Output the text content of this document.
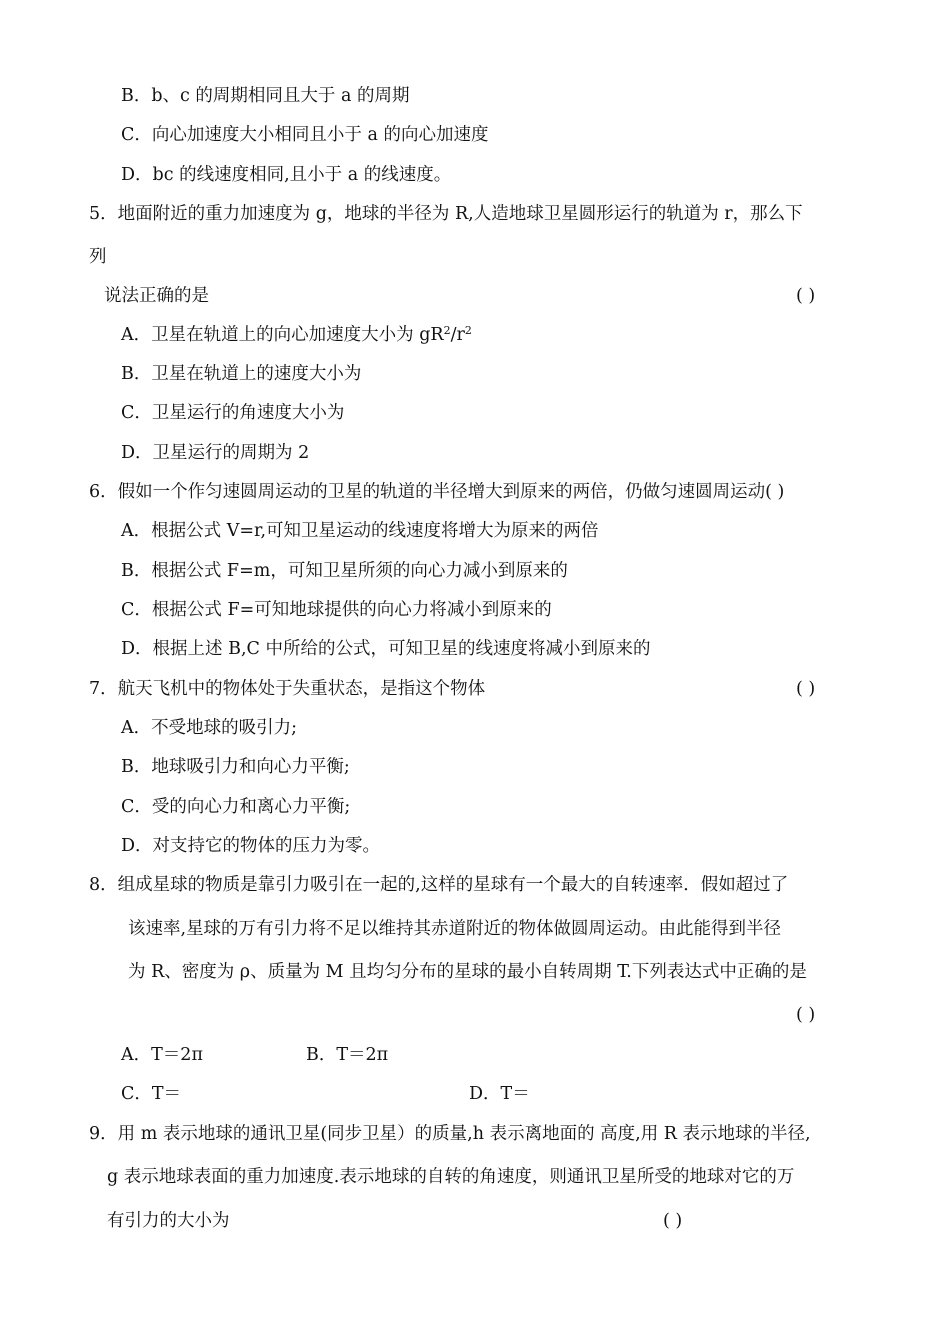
B．b、c 的周期相同且大于 a 的周期
C．向心加速度大小相同且小于 a 的向心加速度
D．bc 的线速度相同,且小于 a 的线速度。
5．地面附近的重力加速度为 g，地球的半径为 R,人造地球卫星圆形运行的轨道为 r，那么下
列
说法正确的是	( )
A．卫星在轨道上的向心加速度大小为 $gR^2/r^2$
B．卫星在轨道上的速度大小为
C．卫星运行的角速度大小为
D．卫星运行的周期为 2
6．假如一个作匀速圆周运动的卫星的轨道的半径增大到原来的两倍，仍做匀速圆周运动( )
A．根据公式 V=r,可知卫星运动的线速度将增大为原来的两倍
B．根据公式 F=m，可知卫星所须的向心力减小到原来的
C．根据公式 F=可知地球提供的向心力将减小到原来的
D．根据上述 B,C 中所给的公式，可知卫星的线速度将减小到原来的
7．航天飞机中的物体处于失重状态，是指这个物体	( )
A．不受地球的吸引力;
B．地球吸引力和向心力平衡;
C．受的向心力和离心力平衡;
D．对支持它的物体的压力为零。
8．组成星球的物质是靠引力吸引在一起的,这样的星球有一个最大的自转速率．假如超过了
该速率,星球的万有引力将不足以维持其赤道附近的物体做圆周运动。由此能得到半径
为 R、密度为 ρ、质量为 M 且均匀分布的星球的最小自转周期 T.下列表达式中正确的是
( )
A．T＝2π	B．T＝2π
C．T＝	D．T＝
9．用 m 表示地球的通讯卫星(同步卫星）的质量,h 表示离地面的 高度,用 R 表示地球的半径,
g 表示地球表面的重力加速度.表示地球的自转的角速度，则通讯卫星所受的地球对它的万
有引力的大小为	( )
